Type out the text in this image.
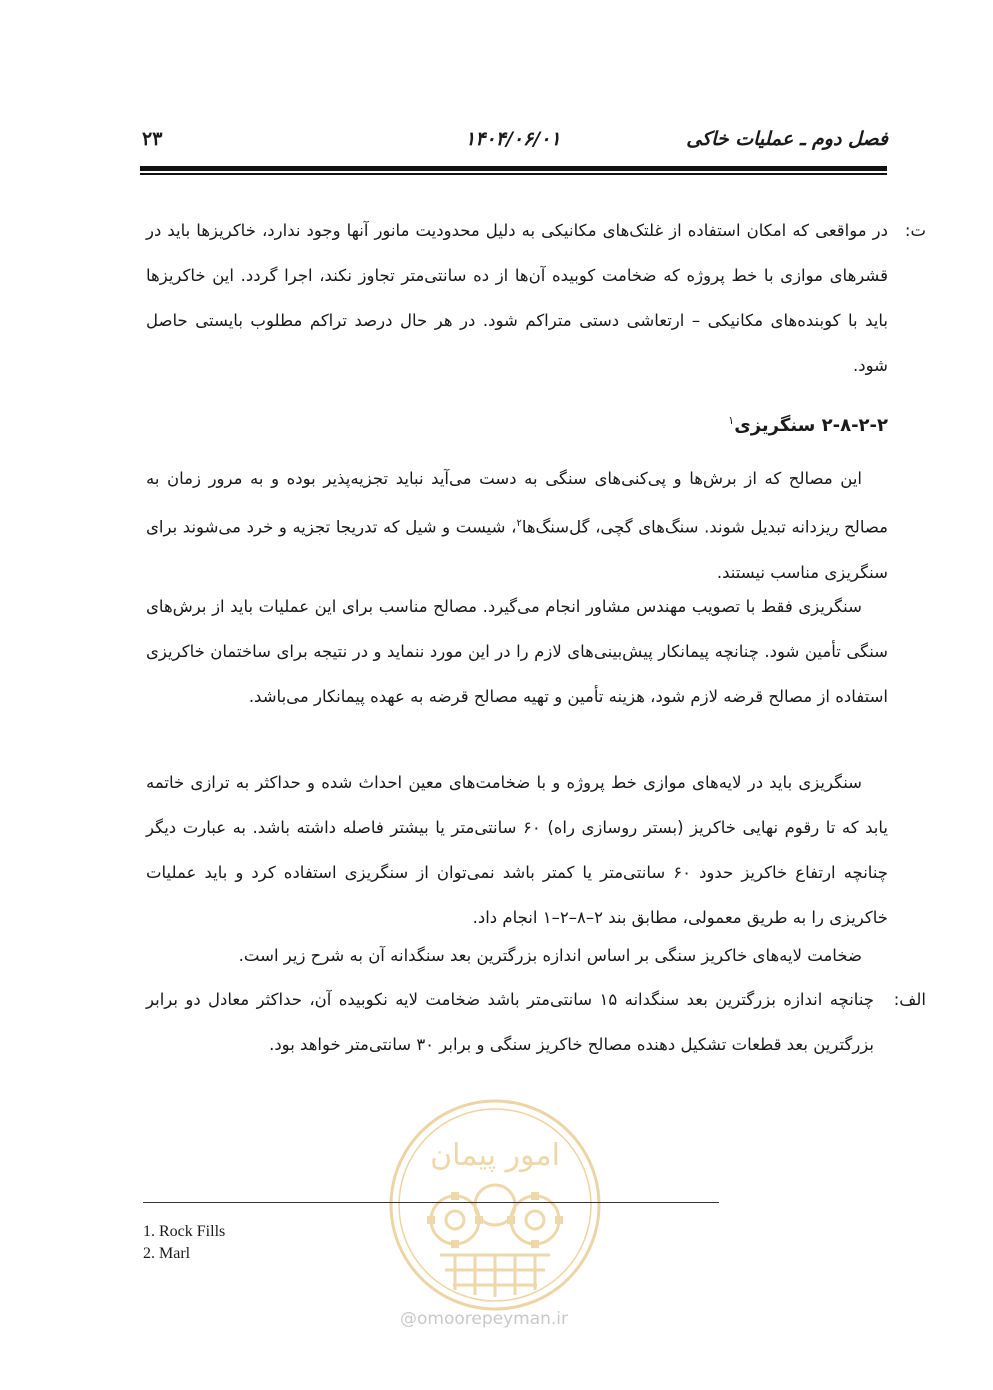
فصل دوم ـ عملیات خاکی
۱۴۰۴/۰۶/۰۱
۲۳
ت:
در مواقعی که امکان استفاده از غلتک‌های مکانیکی به دلیل محدودیت مانور آنها وجود ندارد، خاکریزها باید در قشرهای موازی با خط پروژه که ضخامت کوبیده آن‌ها از ده سانتی‌متر تجاوز نکند، اجرا گردد. این خاکریزها باید با کوبنده‌های مکانیکی – ارتعاشی دستی متراکم شود. در هر حال درصد تراکم مطلوب بایستی حاصل شود.

۲-۸-۲-۲ سنگریزی$^۱$

این مصالح که از برش‌ها و پی‌کنی‌های سنگی به دست می‌آید نباید تجزیه‌پذیر بوده و به مرور زمان به مصالح ریزدانه تبدیل شوند. سنگ‌های گچی، گل‌سنگ‌ها$^۲$، شیست و شیل که تدریجا تجزیه و خرد می‌شوند برای سنگریزی مناسب نیستند.

سنگریزی فقط با تصویب مهندس مشاور انجام می‌گیرد. مصالح مناسب برای این عملیات باید از برش‌های سنگی تأمین شود. چنانچه پیمانکار پیش‌بینی‌های لازم را در این مورد ننماید و در نتیجه برای ساختمان خاکریزی استفاده از مصالح قرضه لازم شود، هزینه تأمین و تهیه مصالح قرضه به عهده پیمانکار می‌باشد.

سنگریزی باید در لایه‌های موازی خط پروژه و با ضخامت‌های معین احداث شده و حداکثر به ترازی خاتمه یابد که تا رقوم نهایی خاکریز (بستر روسازی راه) ۶۰ سانتی‌متر یا بیشتر فاصله داشته باشد. به عبارت دیگر چنانچه ارتفاع خاکریز حدود ۶۰ سانتی‌متر یا کمتر باشد نمی‌توان از سنگریزی استفاده کرد و باید عملیات خاکریزی را به طریق معمولی، مطابق بند ۲–۸–۲–۱ انجام داد.

ضخامت لایه‌های خاکریز سنگی بر اساس اندازه بزرگترین بعد سنگدانه آن به شرح زیر است.

الف:
چنانچه اندازه بزرگترین بعد سنگدانه ۱۵ سانتی‌متر باشد ضخامت لایه نکوبیده آن، حداکثر معادل دو برابر بزرگترین بعد قطعات تشکیل دهنده مصالح خاکریز سنگی و برابر ۳۰ سانتی‌متر خواهد بود.
امور پیمان
@omoorepeyman.ir

1. Rock Fills

2. Marl
